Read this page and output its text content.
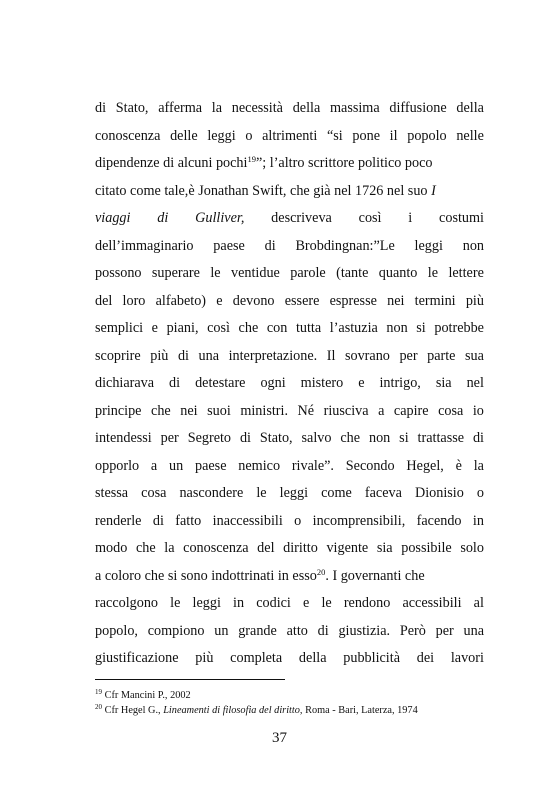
di Stato, afferma la necessità della massima diffusione della
conoscenza delle leggi o altrimenti “si pone il popolo nelle
dipendenze di alcuni pochi$^{19}$”; l’altro scrittore politico poco
citato come tale,è Jonathan Swift, che già nel 1726 nel suo I
viaggi di Gulliver, descriveva così i costumi
dell’immaginario paese di Brobdingnan:”Le leggi non
possono superare le ventidue parole (tante quanto le lettere
del loro alfabeto) e devono essere espresse nei termini più
semplici e piani, così che con tutta l’astuzia non si potrebbe
scoprire più di una interpretazione. Il sovrano per parte sua
dichiarava di detestare ogni mistero e intrigo, sia nel
principe che nei suoi ministri. Né riusciva a capire cosa io
intendessi per Segreto di Stato, salvo che non si trattasse di
opporlo a un paese nemico rivale”. Secondo Hegel, è la
stessa cosa nascondere le leggi come faceva Dionisio o
renderle di fatto inaccessibili o incomprensibili, facendo in
modo che la conoscenza del diritto vigente sia possibile solo
a coloro che si sono indottrinati in esso$^{20}$. I governanti che
raccolgono le leggi in codici e le rendono accessibili al
popolo, compiono un grande atto di giustizia. Però per una
giustificazione più completa della pubblicità dei lavori
$^{19}$ Cfr Mancini P., 2002
$^{20}$ Cfr Hegel G., Lineamenti di filosofia del diritto, Roma - Bari, Laterza, 1974
37
